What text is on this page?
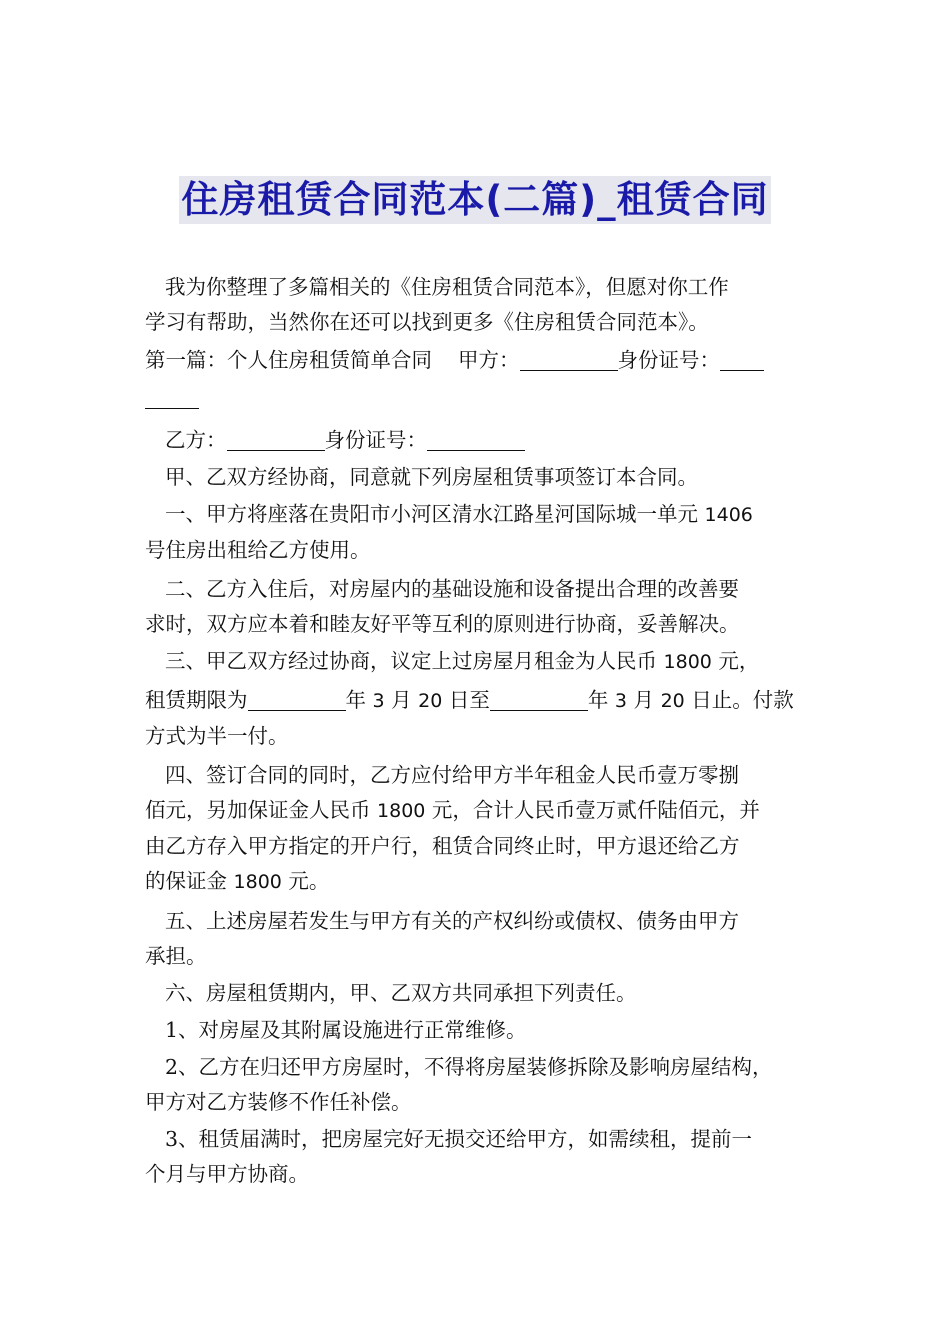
住房租赁合同范本(二篇)_租赁合同

我为你整理了多篇相关的《住房租赁合同范本》，但愿对你工作

学习有帮助，当然你在还可以找到更多《住房租赁合同范本》。

第一篇：个人住房租赁简单合同 甲方：	身份证号：

乙方：	身份证号：

甲、乙双方经协商，同意就下列房屋租赁事项签订本合同。

一、甲方将座落在贵阳市小河区清水江路星河国际城一单元 1406

号住房出租给乙方使用。

二、乙方入住后，对房屋内的基础设施和设备提出合理的改善要

求时，双方应本着和睦友好平等互利的原则进行协商，妥善解决。

三、甲乙双方经过协商，议定上过房屋月租金为人民币 1800 元，

租赁期限为	年 3 月 20 日至	年 3 月 20 日止。付款

方式为半一付。

四、签订合同的同时，乙方应付给甲方半年租金人民币壹万零捌

佰元，另加保证金人民币 1800 元，合计人民币壹万贰仟陆佰元，并

由乙方存入甲方指定的开户行，租赁合同终止时，甲方退还给乙方

的保证金 1800 元。

五、上述房屋若发生与甲方有关的产权纠纷或债权、债务由甲方

承担。

六、房屋租赁期内，甲、乙双方共同承担下列责任。

1、对房屋及其附属设施进行正常维修。

2、乙方在归还甲方房屋时，不得将房屋装修拆除及影响房屋结构，

甲方对乙方装修不作任补偿。

3、租赁届满时，把房屋完好无损交还给甲方，如需续租，提前一

个月与甲方协商。
